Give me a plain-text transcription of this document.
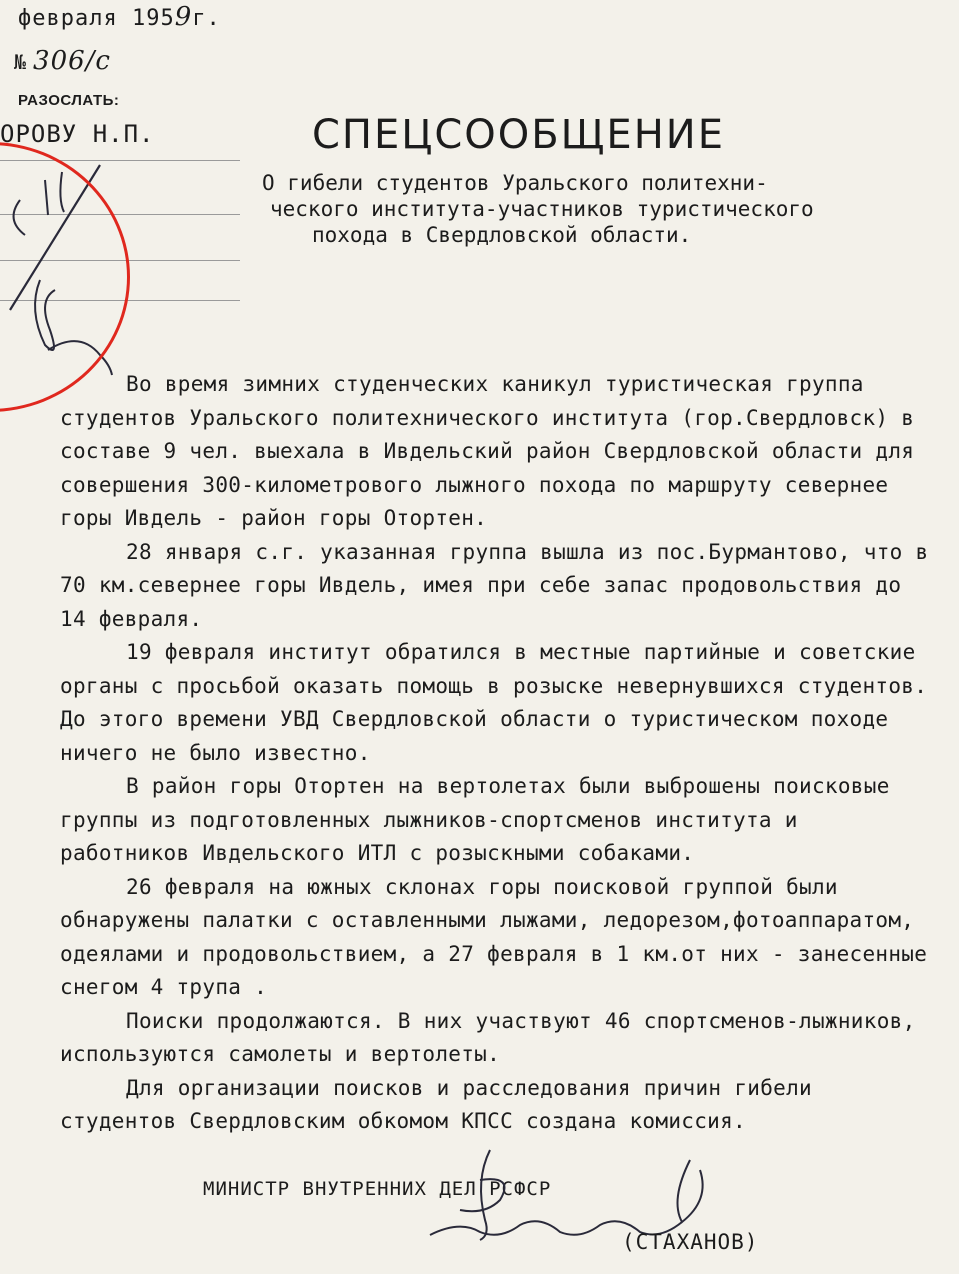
февраля 1959г.
№ 306/с
РАЗОСЛАТЬ:
ОРОВУ Н.П.	СПЕЦСООБЩЕНИЕ
О гибели студентов Уральского политехни-
ческого института-участников туристического
похода в Свердловской области.

Во время зимних студенческих каникул туристическая группа студентов Уральского политехнического института (гор.Свердловск) в составе 9 чел. выехала в Ивдельский район Свердловской области для совершения 300-километрового лыжного похода по маршруту севернее горы Ивдель - район горы Отортен.

28 января с.г. указанная группа вышла из пос.Бурмантово, что в 70 км.севернее горы Ивдель, имея при себе запас продовольствия до 14 февраля.

19 февраля институт обратился в местные партийные и советские органы с просьбой оказать помощь в розыске невернувшихся студентов. До этого времени УВД Свердловской области о туристическом походе ничего не было известно.

В район горы Отортен на вертолетах были выброшены поисковые группы из подготовленных лыжников-спортсменов института и работников Ивдельского ИТЛ с розыскными собаками.

26 февраля на южных склонах горы поисковой группой были обнаружены палатки с оставленными лыжами, ледорезом,фотоаппаратом, одеялами и продовольствием, а 27 февраля в 1 км.от них - занесенные снегом 4 трупа .

Поиски продолжаются. В них участвуют 46 спортсменов-лыжников, используются самолеты и вертолеты.

Для организации поисков и расследования причин гибели студентов Свердловским обкомом КПСС создана комиссия.

МИНИСТР ВНУТРЕННИХ ДЕЛ РСФСР
(СТАХАНОВ)
